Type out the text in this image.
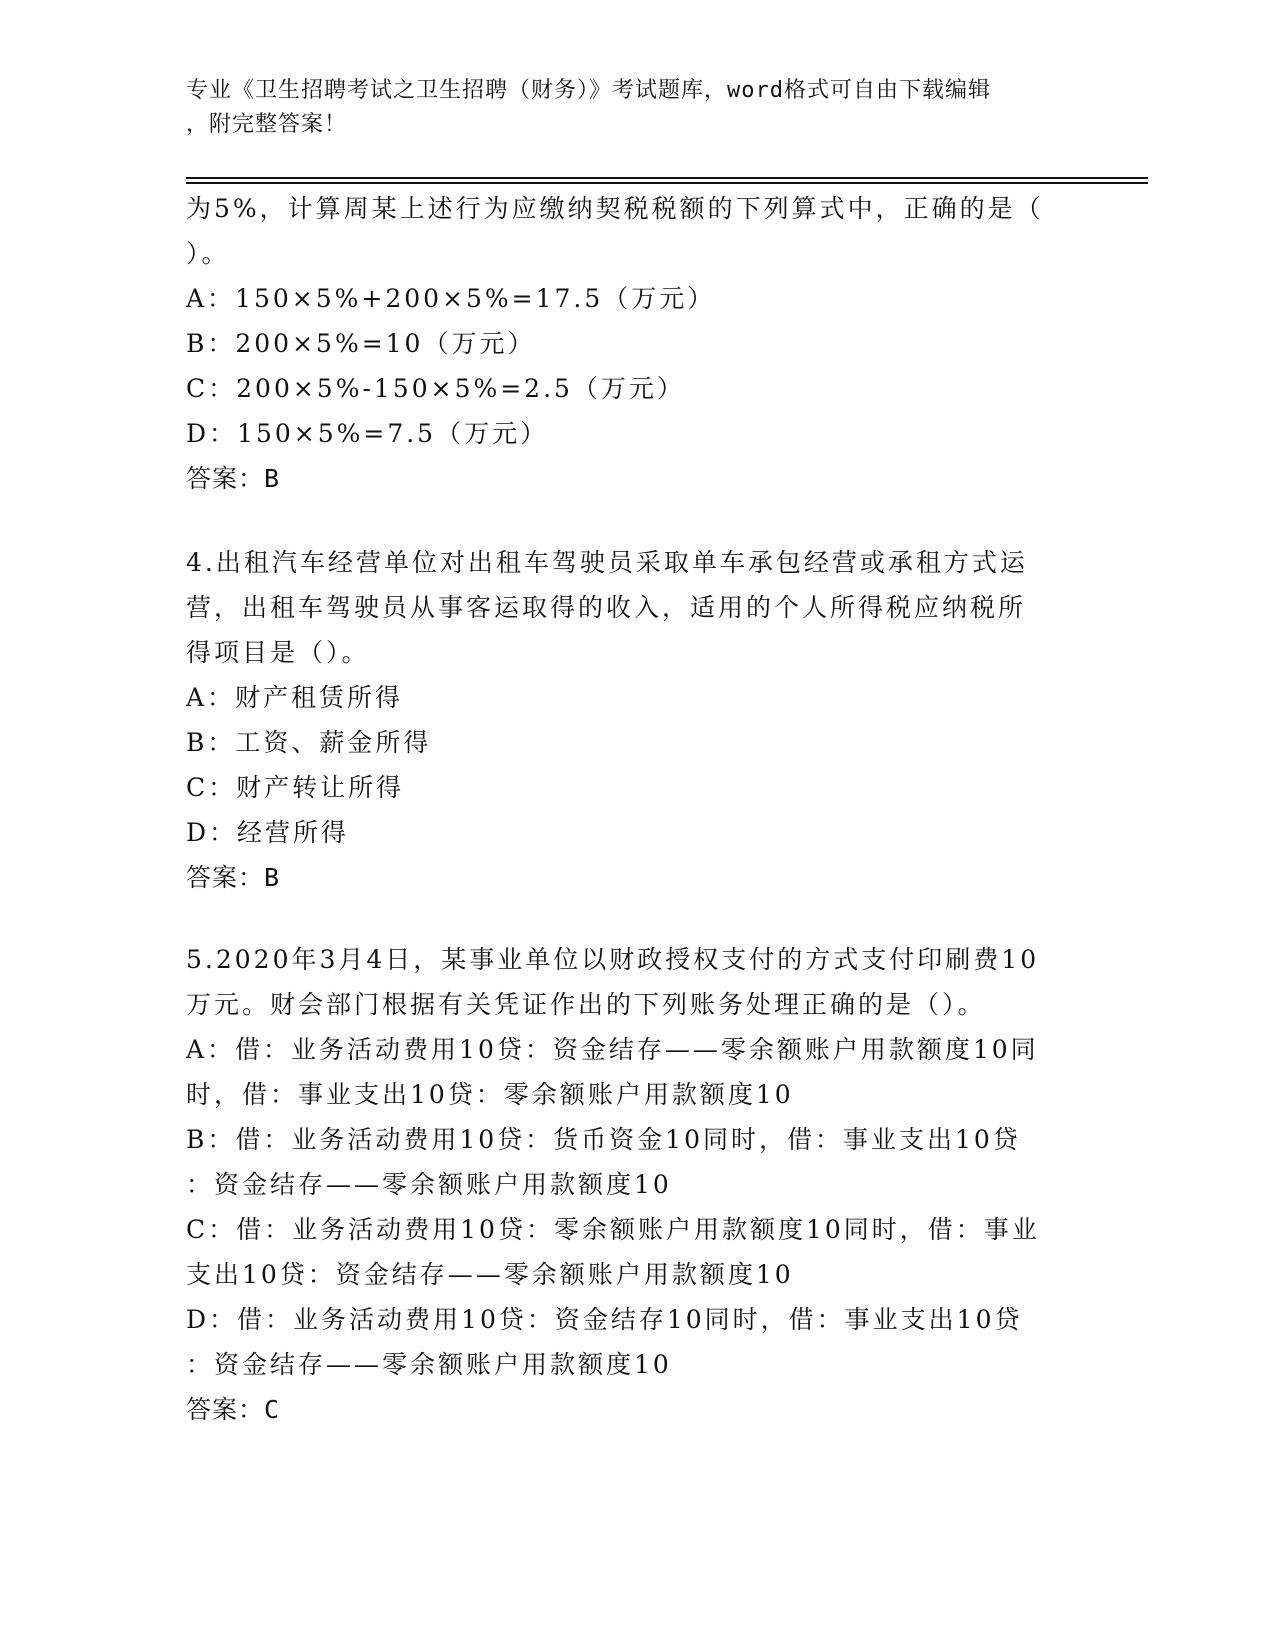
专业《卫生招聘考试之卫生招聘（财务）》考试题库，word格式可自由下载编辑
，附完整答案！
为5%，计算周某上述行为应缴纳契税税额的下列算式中，正确的是（
）。
A：150×5%+200×5%=17.5（万元）
B：200×5%=10（万元）
C：200×5%-150×5%=2.5（万元）
D：150×5%=7.5（万元）
答案：B
4.出租汽车经营单位对出租车驾驶员采取单车承包经营或承租方式运
营，出租车驾驶员从事客运取得的收入，适用的个人所得税应纳税所
得项目是（）。
A：财产租赁所得
B：工资、薪金所得
C：财产转让所得
D：经营所得
答案：B
5.2020年3月4日，某事业单位以财政授权支付的方式支付印刷费10
万元。财会部门根据有关凭证作出的下列账务处理正确的是（）。
A：借：业务活动费用10贷：资金结存——零余额账户用款额度10同
时，借：事业支出10贷：零余额账户用款额度10
B：借：业务活动费用10贷：货币资金10同时，借：事业支出10贷
：资金结存——零余额账户用款额度10
C：借：业务活动费用10贷：零余额账户用款额度10同时，借：事业
支出10贷：资金结存——零余额账户用款额度10
D：借：业务活动费用10贷：资金结存10同时，借：事业支出10贷
：资金结存——零余额账户用款额度10
答案：C
